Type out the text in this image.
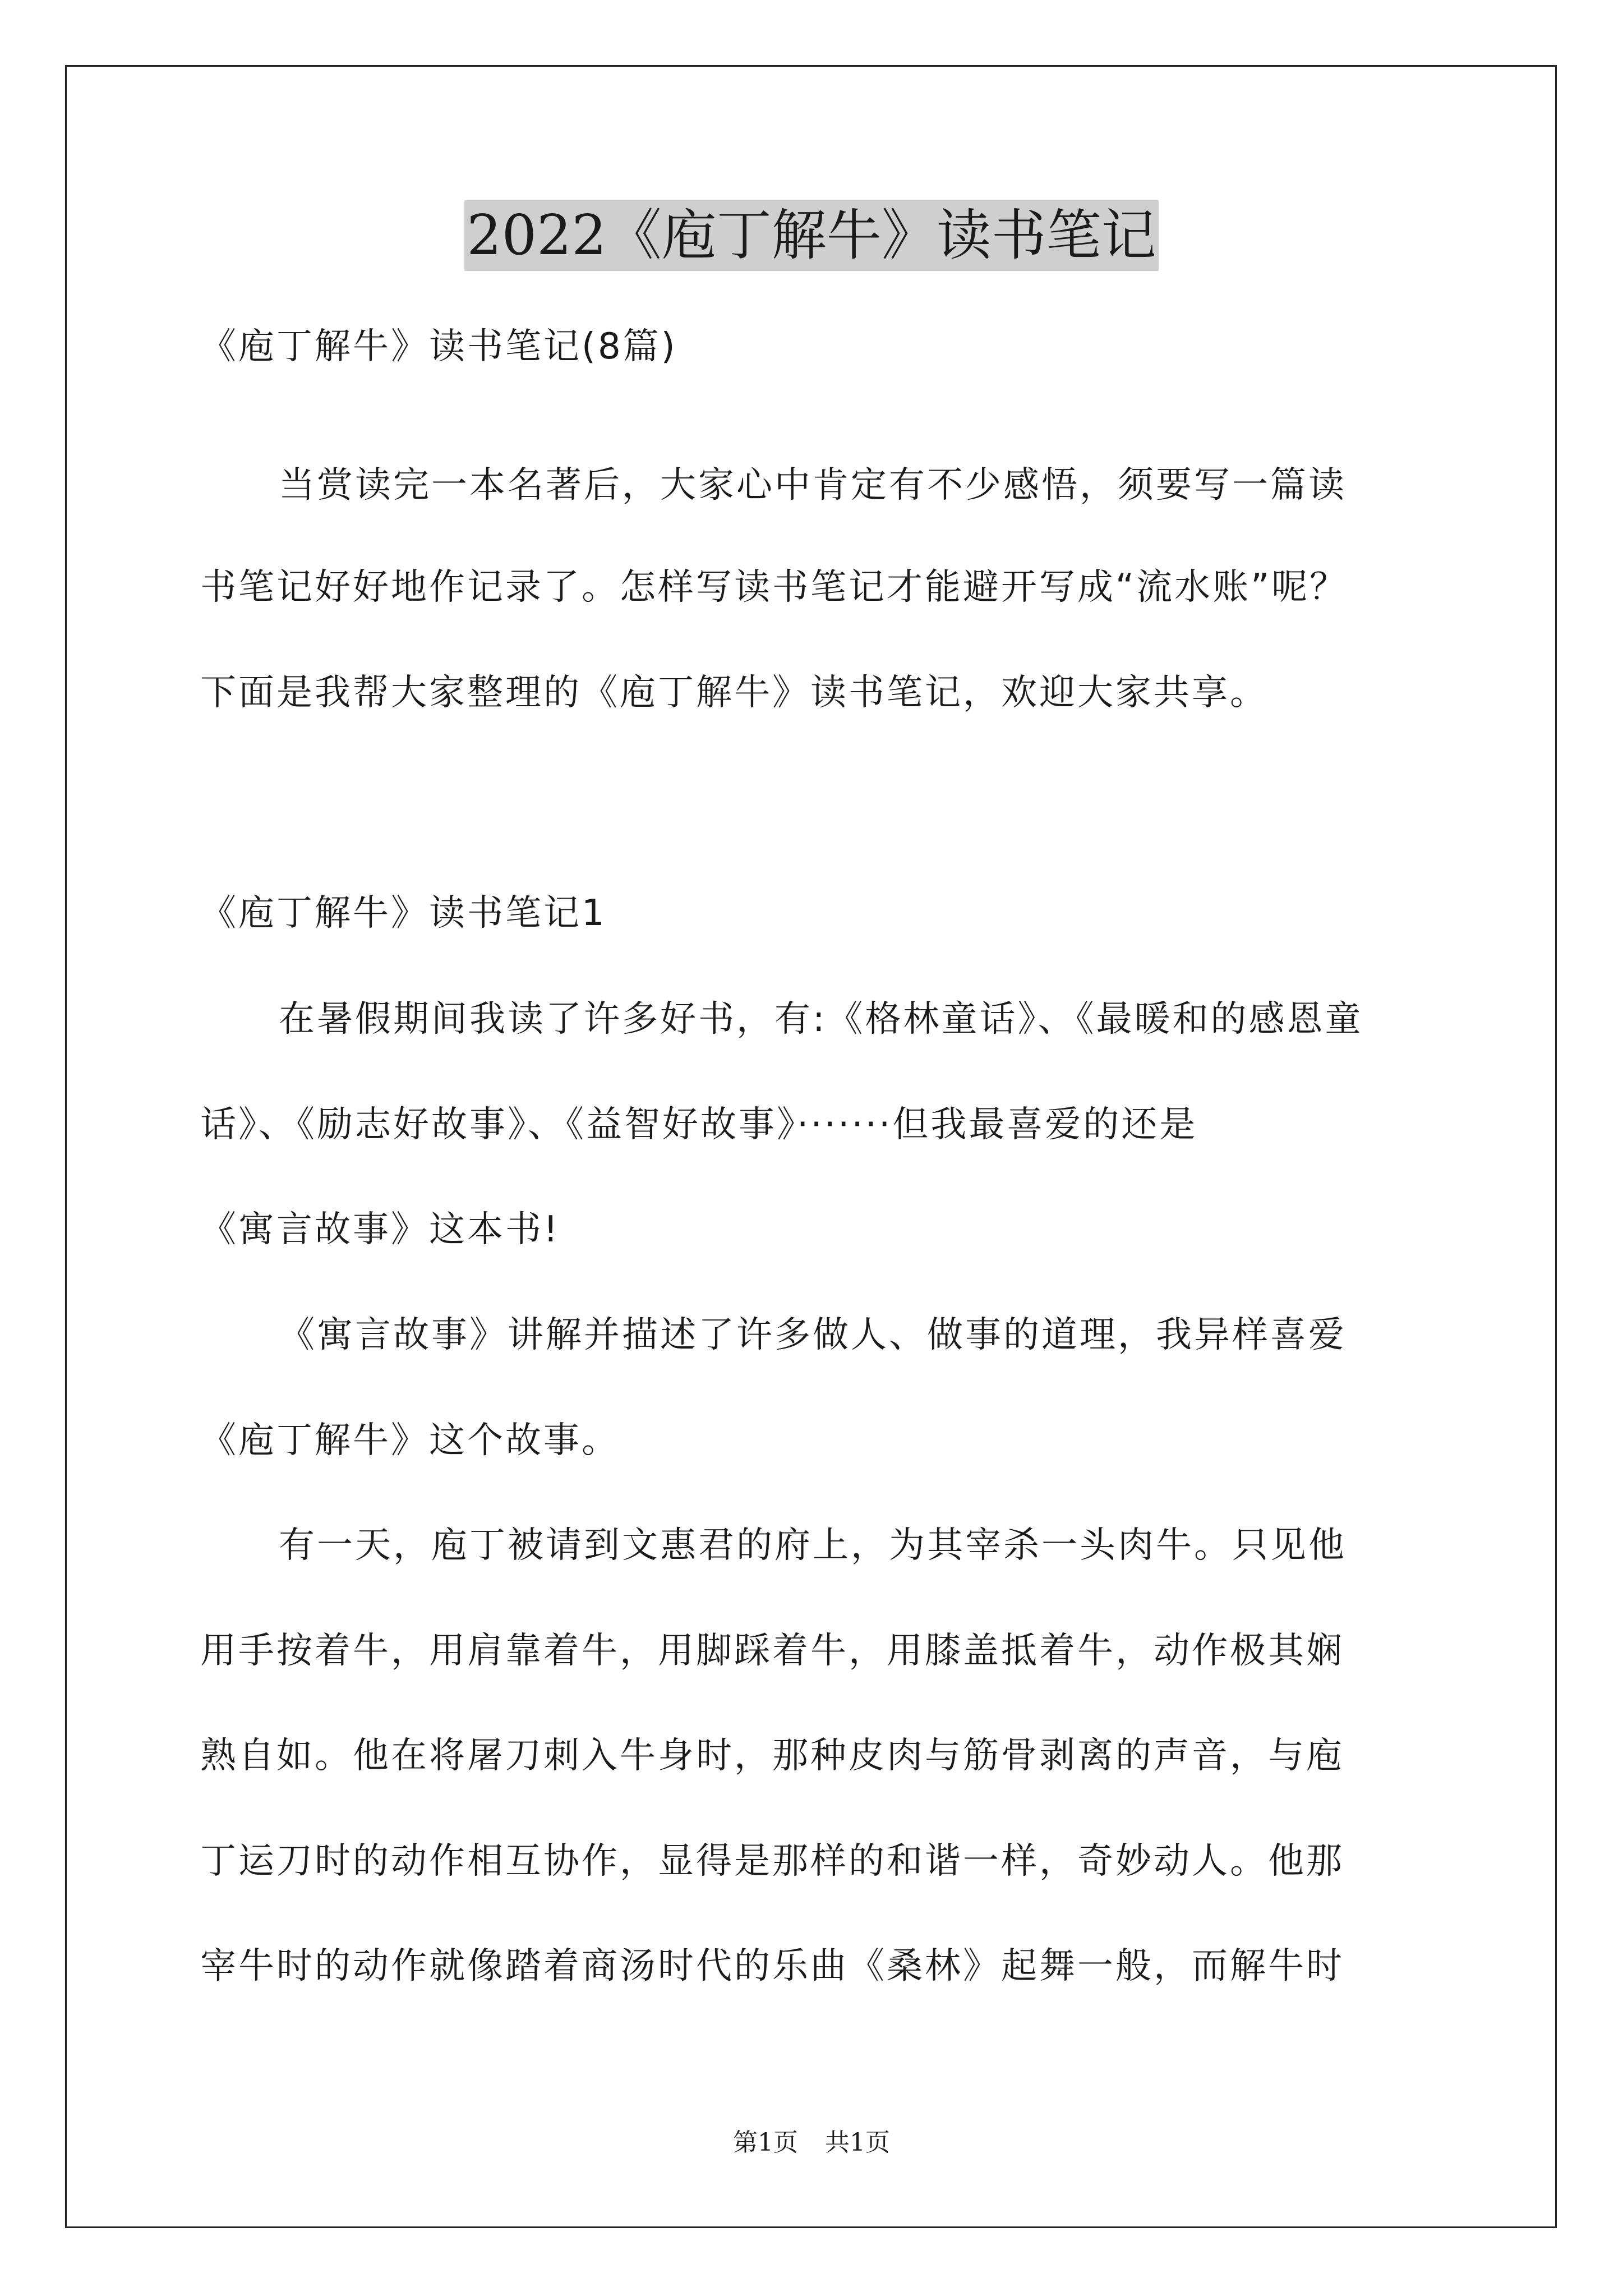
2022《庖丁解牛》读书笔记
《庖丁解牛》读书笔记(8篇)
当赏读完一本名著后，大家心中肯定有不少感悟，须要写一篇读
书笔记好好地作记录了。怎样写读书笔记才能避开写成“流水账”呢？
下面是我帮大家整理的《庖丁解牛》读书笔记，欢迎大家共享。
《庖丁解牛》读书笔记1
在暑假期间我读了许多好书，有:《格林童话》、《最暖和的感恩童
话》、《励志好故事》、《益智好故事》·······但我最喜爱的还是
《寓言故事》这本书!
《寓言故事》讲解并描述了许多做人、做事的道理，我异样喜爱
《庖丁解牛》这个故事。
有一天，庖丁被请到文惠君的府上，为其宰杀一头肉牛。只见他
用手按着牛，用肩靠着牛，用脚踩着牛，用膝盖抵着牛，动作极其娴
熟自如。他在将屠刀刺入牛身时，那种皮肉与筋骨剥离的声音，与庖
丁运刀时的动作相互协作，显得是那样的和谐一样，奇妙动人。他那
宰牛时的动作就像踏着商汤时代的乐曲《桑林》起舞一般，而解牛时
第1页 共1页
